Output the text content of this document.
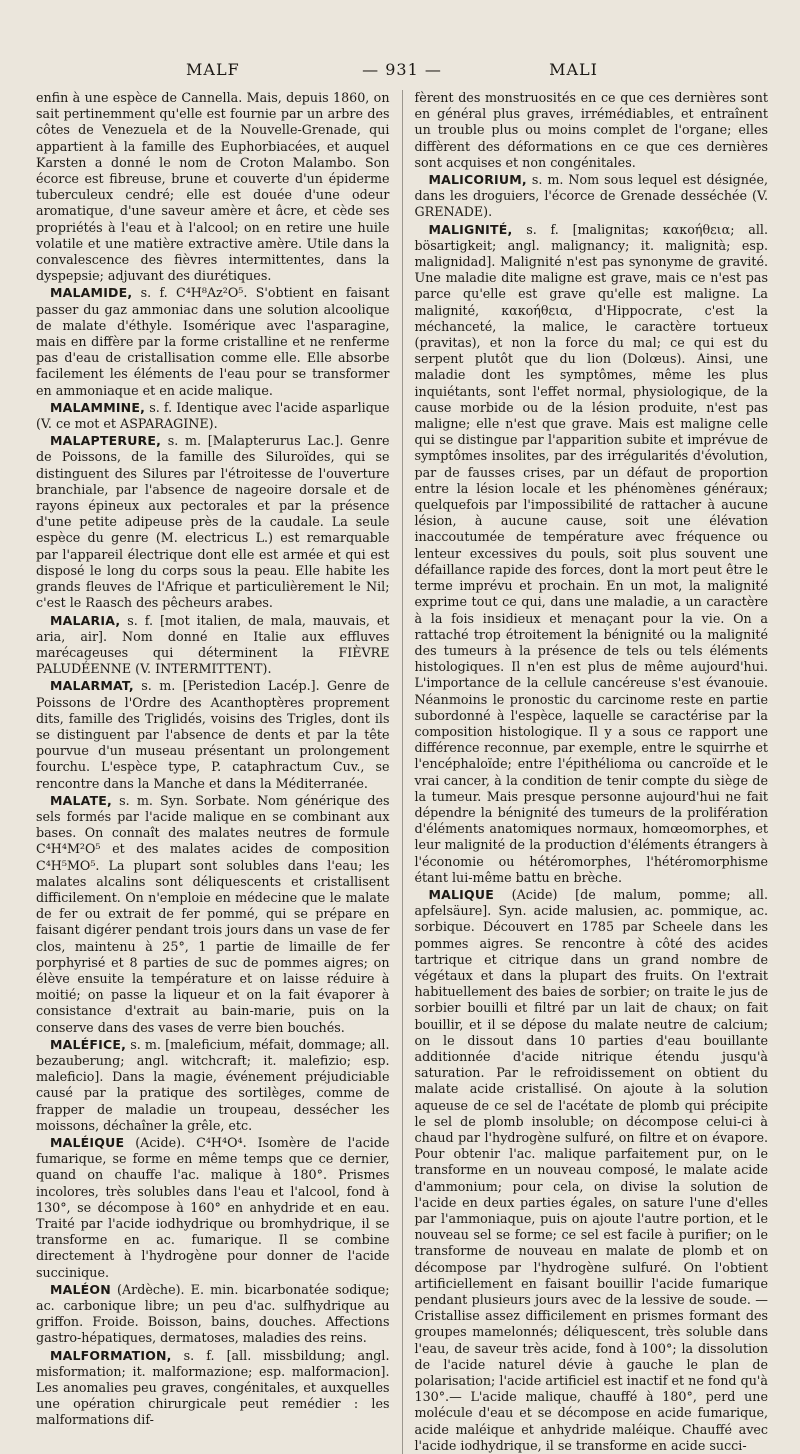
MALF	— 931 —	MALI

enfin à une espèce de Cannella. Mais, depuis 1860, on sait pertinemment qu'elle est fournie par un arbre des côtes de Venezuela et de la Nouvelle-Grenade, qui appartient à la famille des Euphorbiacées, et auquel Karsten a donné le nom de Croton Malambo. Son écorce est fibreuse, brune et couverte d'un épiderme tuberculeux cendré; elle est douée d'une odeur aromatique, d'une saveur amère et âcre, et cède ses propriétés à l'eau et à l'alcool; on en retire une huile volatile et une matière extractive amère. Utile dans la convalescence des fièvres intermittentes, dans la dyspepsie; adjuvant des diurétiques.

MALAMIDE, s. f. C⁴H⁸Az²O⁵. S'obtient en faisant passer du gaz ammoniac dans une solution alcoolique de malate d'éthyle. Isomérique avec l'asparagine, mais en diffère par la forme cristalline et ne renferme pas d'eau de cristallisation comme elle. Elle absorbe facilement les éléments de l'eau pour se transformer en ammoniaque et en acide malique.

MALAMMINE, s. f. Identique avec l'acide asparlique (V. ce mot et ASPARAGINE).

MALAPTERURE, s. m. [Malapterurus Lac.]. Genre de Poissons, de la famille des Siluroïdes, qui se distinguent des Silures par l'étroitesse de l'ouverture branchiale, par l'absence de nageoire dorsale et de rayons épineux aux pectorales et par la présence d'une petite adipeuse près de la caudale. La seule espèce du genre (M. electricus L.) est remarquable par l'appareil électrique dont elle est armée et qui est disposé le long du corps sous la peau. Elle habite les grands fleuves de l'Afrique et particulièrement le Nil; c'est le Raasch des pêcheurs arabes.

MALARIA, s. f. [mot italien, de mala, mauvais, et aria, air]. Nom donné en Italie aux effluves marécageuses qui déterminent la FIÈVRE PALUDÉENNE (V. INTERMITTENT).

MALARMAT, s. m. [Peristedion Lacép.]. Genre de Poissons de l'Ordre des Acanthoptères proprement dits, famille des Triglidés, voisins des Trigles, dont ils se distinguent par l'absence de dents et par la tête pourvue d'un museau présentant un prolongement fourchu. L'espèce type, P. cataphractum Cuv., se rencontre dans la Manche et dans la Méditerranée.

MALATE, s. m. Syn. Sorbate. Nom générique des sels formés par l'acide malique en se combinant aux bases. On connaît des malates neutres de formule C⁴H⁴M²O⁵ et des malates acides de composition C⁴H⁵MO⁵. La plupart sont solubles dans l'eau; les malates alcalins sont déliquescents et cristallisent difficilement. On n'emploie en médecine que le malate de fer ou extrait de fer pommé, qui se prépare en faisant digérer pendant trois jours dans un vase de fer clos, maintenu à 25°, 1 partie de limaille de fer porphyrisé et 8 parties de suc de pommes aigres; on élève ensuite la température et on laisse réduire à moitié; on passe la liqueur et on la fait évaporer à consistance d'extrait au bain-marie, puis on la conserve dans des vases de verre bien bouchés.

MALÉFICE, s. m. [maleficium, méfait, dommage; all. bezauberung; angl. witchcraft; it. malefizio; esp. maleficio]. Dans la magie, événement préjudiciable causé par la pratique des sortilèges, comme de frapper de maladie un troupeau, dessécher les moissons, déchaîner la grêle, etc.

MALÉIQUE (Acide). C⁴H⁴O⁴. Isomère de l'acide fumarique, se forme en même temps que ce dernier, quand on chauffe l'ac. malique à 180°. Prismes incolores, très solubles dans l'eau et l'alcool, fond à 130°, se décompose à 160° en anhydride et en eau. Traité par l'acide iodhydrique ou bromhydrique, il se transforme en ac. fumarique. Il se combine directement à l'hydrogène pour donner de l'acide succinique.

MALÉON (Ardèche). E. min. bicarbonatée sodique; ac. carbonique libre; un peu d'ac. sulfhydrique au griffon. Froide. Boisson, bains, douches. Affections gastro-hépatiques, dermatoses, maladies des reins.

MALFORMATION, s. f. [all. missbildung; angl. misformation; it. malformazione; esp. malformacion]. Les anomalies peu graves, congénitales, et auxquelles une opération chirurgicale peut remédier : les malformations dif-

fèrent des monstruosités en ce que ces dernières sont en général plus graves, irrémédiables, et entraînent un trouble plus ou moins complet de l'organe; elles diffèrent des déformations en ce que ces dernières sont acquises et non congénitales.

MALICORIUM, s. m. Nom sous lequel est désignée, dans les droguiers, l'écorce de Grenade desséchée (V. GRENADE).

MALIGNITÉ, s. f. [malignitas; κακοήθεια; all. bösartigkeit; angl. malignancy; it. malignità; esp. malignidad]. Malignité n'est pas synonyme de gravité. Une maladie dite maligne est grave, mais ce n'est pas parce qu'elle est grave qu'elle est maligne. La malignité, κακοήθεια, d'Hippocrate, c'est la méchanceté, la malice, le caractère tortueux (pravitas), et non la force du mal; ce qui est du serpent plutôt que du lion (Dolœus). Ainsi, une maladie dont les symptômes, même les plus inquiétants, sont l'effet normal, physiologique, de la cause morbide ou de la lésion produite, n'est pas maligne; elle n'est que grave. Mais est maligne celle qui se distingue par l'apparition subite et imprévue de symptômes insolites, par des irrégularités d'évolution, par de fausses crises, par un défaut de proportion entre la lésion locale et les phénomènes généraux; quelquefois par l'impossibilité de rattacher à aucune lésion, à aucune cause, soit une élévation inaccoutumée de température avec fréquence ou lenteur excessives du pouls, soit plus souvent une défaillance rapide des forces, dont la mort peut être le terme imprévu et prochain. En un mot, la malignité exprime tout ce qui, dans une maladie, a un caractère à la fois insidieux et menaçant pour la vie. On a rattaché trop étroitement la bénignité ou la malignité des tumeurs à la présence de tels ou tels éléments histologiques. Il n'en est plus de même aujourd'hui. L'importance de la cellule cancéreuse s'est évanouie. Néanmoins le pronostic du carcinome reste en partie subordonné à l'espèce, laquelle se caractérise par la composition histologique. Il y a sous ce rapport une différence reconnue, par exemple, entre le squirrhe et l'encéphaloïde; entre l'épithélioma ou cancroïde et le vrai cancer, à la condition de tenir compte du siège de la tumeur. Mais presque personne aujourd'hui ne fait dépendre la bénignité des tumeurs de la prolifération d'éléments anatomiques normaux, homœomorphes, et leur malignité de la production d'éléments étrangers à l'économie ou hétéromorphes, l'hétéromorphisme étant lui-même battu en brèche.

MALIQUE (Acide) [de malum, pomme; all. apfelsäure]. Syn. acide malusien, ac. pommique, ac. sorbique. Découvert en 1785 par Scheele dans les pommes aigres. Se rencontre à côté des acides tartrique et citrique dans un grand nombre de végétaux et dans la plupart des fruits. On l'extrait habituellement des baies de sorbier; on traite le jus de sorbier bouilli et filtré par un lait de chaux; on fait bouillir, et il se dépose du malate neutre de calcium; on le dissout dans 10 parties d'eau bouillante additionnée d'acide nitrique étendu jusqu'à saturation. Par le refroidissement on obtient du malate acide cristallisé. On ajoute à la solution aqueuse de ce sel de l'acétate de plomb qui précipite le sel de plomb insoluble; on décompose celui-ci à chaud par l'hydrogène sulfuré, on filtre et on évapore. Pour obtenir l'ac. malique parfaitement pur, on le transforme en un nouveau composé, le malate acide d'ammonium; pour cela, on divise la solution de l'acide en deux parties égales, on sature l'une d'elles par l'ammoniaque, puis on ajoute l'autre portion, et le nouveau sel se forme; ce sel est facile à purifier; on le transforme de nouveau en malate de plomb et on décompose par l'hydrogène sulfuré. On l'obtient artificiellement en faisant bouillir l'acide fumarique pendant plusieurs jours avec de la lessive de soude. — Cristallise assez difficilement en prismes formant des groupes mamelonnés; déliquescent, très soluble dans l'eau, de saveur très acide, fond à 100°; la dissolution de l'acide naturel dévie à gauche le plan de polarisation; l'acide artificiel est inactif et ne fond qu'à 130°.— L'acide malique, chauffé à 180°, perd une molécule d'eau et se décompose en acide fumarique, acide maléique et anhydride maléique. Chauffé avec l'acide iodhydrique, il se transforme en acide succi-
